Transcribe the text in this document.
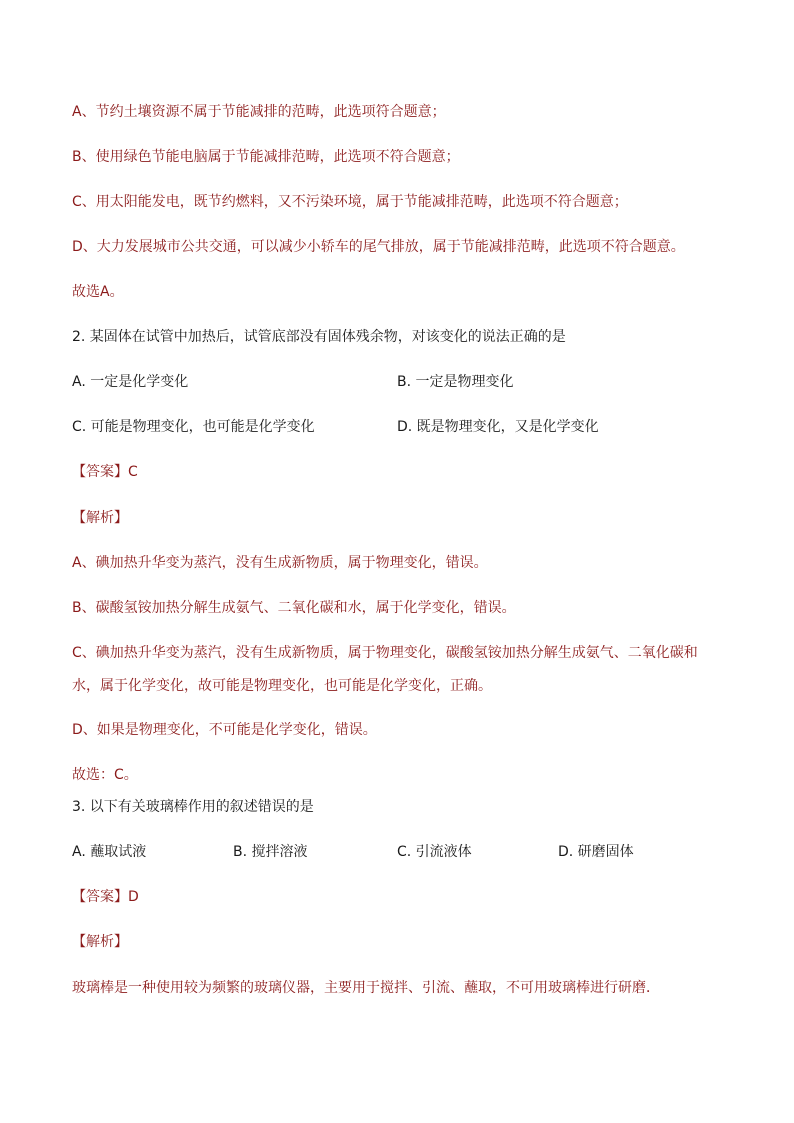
A、节约土壤资源不属于节能减排的范畴，此选项符合题意；
B、使用绿色节能电脑属于节能减排范畴，此选项不符合题意；
C、用太阳能发电，既节约燃料，又不污染环境，属于节能减排范畴，此选项不符合题意；
D、大力发展城市公共交通，可以减少小轿车的尾气排放，属于节能减排范畴，此选项不符合题意。
故选A。
2. 某固体在试管中加热后，试管底部没有固体残余物，对该变化的说法正确的是
A. 一定是化学变化	B. 一定是物理变化
C. 可能是物理变化，也可能是化学变化	D. 既是物理变化，又是化学变化
【答案】C
【解析】
A、碘加热升华变为蒸汽，没有生成新物质，属于物理变化，错误。
B、碳酸氢铵加热分解生成氨气、二氧化碳和水，属于化学变化，错误。
C、碘加热升华变为蒸汽，没有生成新物质，属于物理变化，碳酸氢铵加热分解生成氨气、二氧化碳和
水，属于化学变化，故可能是物理变化，也可能是化学变化，正确。
D、如果是物理变化，不可能是化学变化，错误。
故选：C。
3. 以下有关玻璃棒作用的叙述错误的是
A. 蘸取试液	B. 搅拌溶液	C. 引流液体	D. 研磨固体
【答案】D
【解析】
玻璃棒是一种使用较为频繁的玻璃仪器，主要用于搅拌、引流、蘸取，不可用玻璃棒进行研磨．
